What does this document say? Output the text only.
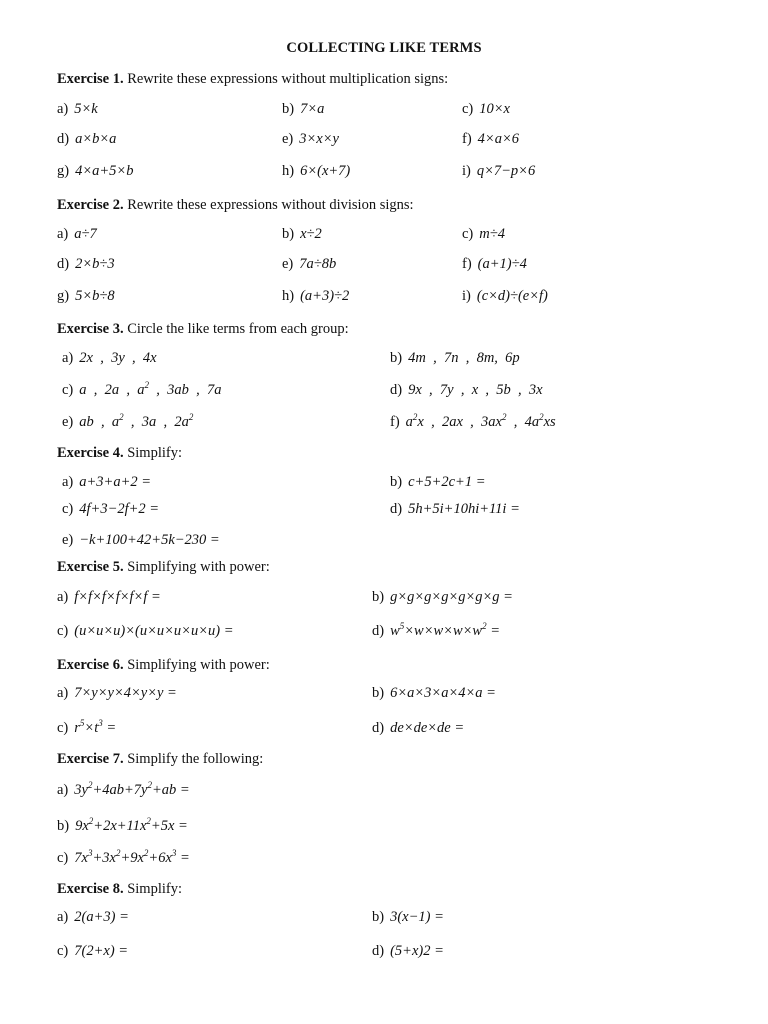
COLLECTING LIKE TERMS
Exercise 1. Rewrite these expressions without multiplication signs:
a) 5×k	b) 7×a	c) 10×x
d) a×b×a	e) 3×x×y	f) 4×a×6
g) 4×a+5×b	h) 6×(x+7)	i) q×7−p×6
Exercise 2. Rewrite these expressions without division signs:
a) a÷7	b) x÷2	c) m÷4
d) 2×b÷3	e) 7a÷8b	f) (a+1)÷4
g) 5×b÷8	h) (a+3)÷2	i) (c×d)÷(e×f)
Exercise 3. Circle the like terms from each group:
a) 2x  ,  3y  ,  4x	b) 4m  ,  7n  ,  8m,  6p
c) a  ,  2a  ,  $a^2$  ,  3ab  ,  7a	d) 9x  ,  7y  ,  x  ,  5b  ,  3x
e) ab  ,  $a^2$  ,  3a  ,  $2a^2$	f) $a^2x$  ,  2ax  ,  $3ax^2$  ,  $4a^2xs$
Exercise 4. Simplify:
a) a+3+a+2 =	b) c+5+2c+1 =
c) 4f+3−2f+2 =	d) 5h+5i+10hi+11i =
e) −k+100+42+5k−230 =
Exercise 5. Simplifying with power:
a) f×f×f×f×f×f =	b) g×g×g×g×g×g×g =
c) (u×u×u)×(u×u×u×u×u) =	d) $w^5\times w\times w\times w\times w^2$ =
Exercise 6. Simplifying with power:
a) 7×y×y×4×y×y =	b) 6×a×3×a×4×a =
c) $r^5\times t^3$ =	d) de×de×de =
Exercise 7. Simplify the following:
a) $3y^2+4ab+7y^2+ab$ =
b) $9x^2+2x+11x^2+5x$ =
c) $7x^3+3x^2+9x^2+6x^3$ =
Exercise 8. Simplify:
a) 2(a+3) =	b) 3(x−1) =
c) 7(2+x) =	d) (5+x)2 =
